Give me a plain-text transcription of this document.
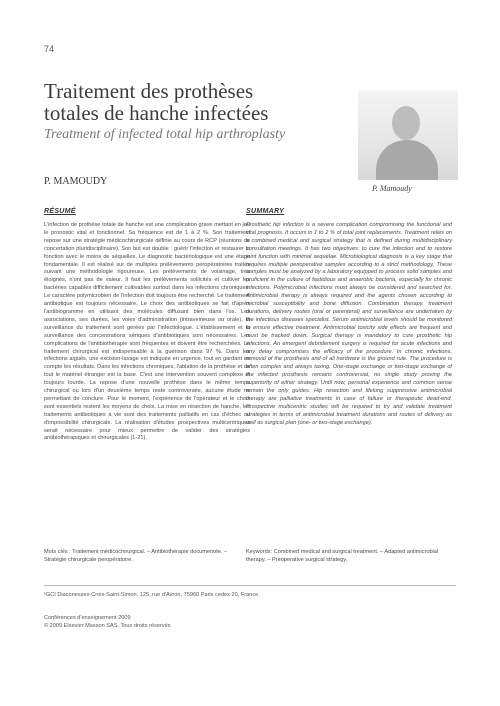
74
Traitement des prothèses
totales de hanche infectées

Treatment of infected total hip arthroplasty

P. MAMOUDY
P. Mamoudy
RÉSUMÉ	SUMMARY
L'infection de prothèse totale de hanche est une complication grave mettant en jeu le pronostic vital et fonctionnel. Sa fréquence est de 1 à 2 %. Son traitement repose sur une stratégie médicochirurgicale définie au cours de RCP (réunions de concertation pluridisciplinaire). Son but est double : guérir l'infection et restaurer la fonction avec le moins de séquelles. Le diagnostic bactériologique est une étape fondamentale. Il est réalisé sur de multiples prélèvements peropératoires traités suivant une méthodologie rigoureuse. Les prélèvements de voisinage, très éloignés, n'ont pas de valeur. Il faut les prélèvements sollicités et cultiver les bactéries capables difficilement cultivables surtout dans les infections chroniques. Le caractère polymicrobien de l'infection doit toujours être recherché. Le traitement antibiotique est toujours nécessaire. Le choix des antibiotiques se fait d'après l'antibiogramme en utilisant des molécules diffusant bien dans l'os. Les associations, ses durées, les voies d'administration (intraveineuse ou orale), la surveillance du traitement sont gérées par l'infectiologue. L'établissement et la surveillance des concentrations sériques d'antibiotiques sont nécessaires. Les complications de l'antibiothérapie sont fréquentes et doivent être recherchées. Le traitement chirurgical est indispensable à la guérison dans 97 %. Dans les infections aiguës, une excision-lavage est indiquée en urgence, tout en gardant en compte les résultats. Dans les infections chroniques, l'ablation de la prothèse et de tout le matériel étranger est la base. C'est une intervention souvent complexe et toujours lourde. La repose d'une nouvelle prothèse dans le même temps chirurgical ou lors d'un deuxième temps reste controversée, aucune étude ne permettant de conclure. Pour le moment, l'expérience de l'opérateur et le choix sont essentiels restent les moyens de choix. La mise en résection de hanche, les traitements antibiotiques à vie sont des traitements palliatifs en cas d'échec ou d'impossibilité chirurgicale. La réalisation d'études prospectives multicentriques serait nécessaire pour mieux permettre de valider des stratégies antibiothérapiques et chirurgicales (1-21).
Prosthetic hip infection is a severe complication compromising the functional and vital prognosis. It occurs in 1 to 2 % of total joint replacements. Treatment relies on a combined medical and surgical strategy that is defined during multidisciplinary consultation meetings. It has two objectives: to cure the infection and to restore joint function with minimal sequelae. Microbiological diagnosis is a key stage that requires multiple perioperative samples according to a strict methodology. These samples must be analyzed by a laboratory equipped to process solid samples and proficient in the culture of fastidious and anaerobic bacteria, especially for chronic infections. Polymicrobial infections must always be considered and searched for. Antimicrobial therapy is always required and the agents chosen according to microbial susceptibility and bone diffusion. Combination therapy, treatment durations, delivery routes (oral or parenteral) and surveillance are undertaken by the infectious diseases specialist. Serum antimicrobial levels should be monitored to ensure effective treatment. Antimicrobial toxicity side effects are frequent and must be tracked down. Surgical therapy is mandatory to cure prosthetic hip infections. An emergent debridement surgery is required for acute infections and any delay compromises the efficacy of the procedure. In chronic infections, removal of the prosthesis and of all hardware is the ground rule. The procedure is often complex and always taxing. One-stage exchange or two-stage exchange of the infected prosthesis remains controversial, no single study proving the superiority of either strategy. Until now, personal experience and common sense remain the only guides. Hip resection and lifelong suppressive antimicrobial therapy are palliative treatments in case of failure or therapeutic dead-end. Prospective multicentric studies will be required to try and validate treatment strategies in terms of antimicrobial treatment durations and routes of delivery as well as surgical plan (one- or two-stage exchange).
Mots clés : Traitement médicochirurgical. – Antibiothérapie documentée. – Stratégie chirurgicale peropératoire.
Keywords: Combined medical and surgical treatment. – Adapted antimicrobial therapy. – Preoperative surgical strategy.
¹GCI Diaconesses-Croix-Saint-Simon, 125, rue d'Avron, 75960 Paris cedex 20, France.
Conférences d'enseignement 2009
© 2009 Elsevier Masson SAS. Tous droits réservés
